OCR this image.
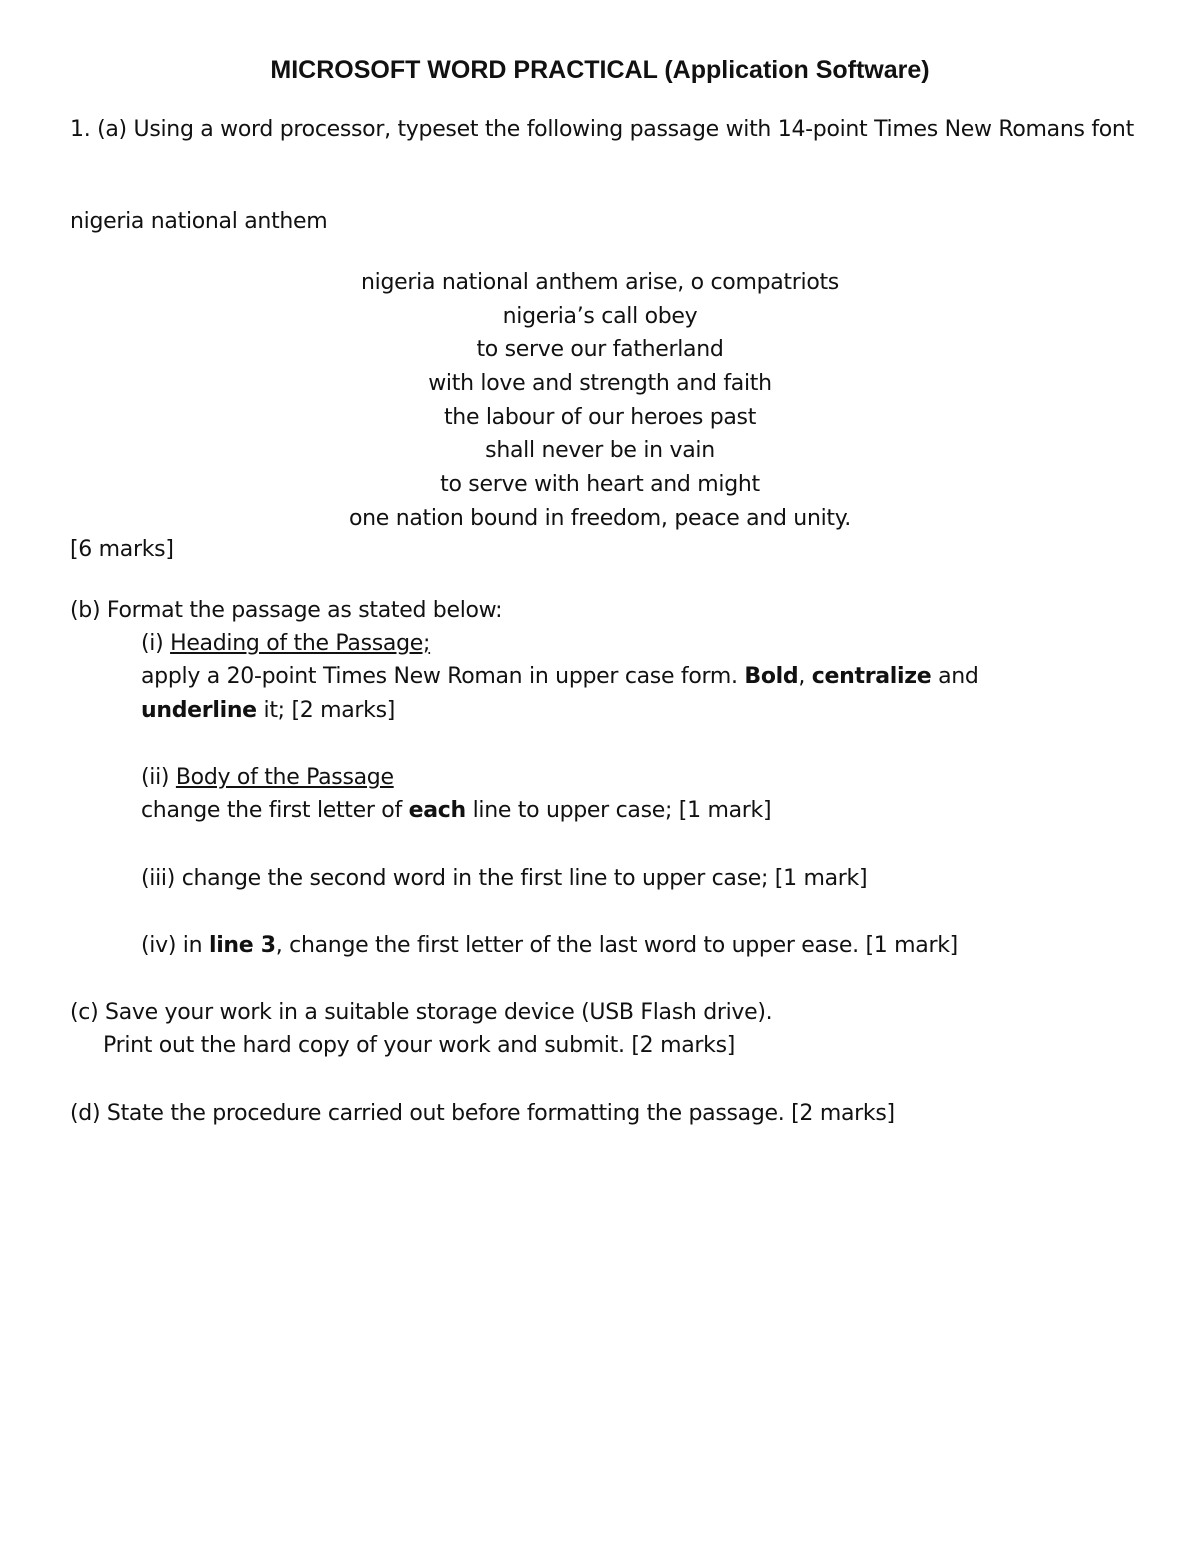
MICROSOFT WORD PRACTICAL (Application Software)
1. (a) Using a word processor, typeset the following passage with 14-point Times New Romans font
nigeria national anthem
nigeria national anthem arise, o compatriots
nigeria’s call obey
to serve our fatherland
with love and strength and faith
the labour of our heroes past
shall never be in vain
to serve with heart and might
one nation bound in freedom, peace and unity.
[6 marks]
(b) Format the passage as stated below:
(i) Heading of the Passage;
apply a 20-point Times New Roman in upper case form. Bold, centralize and
underline it; [2 marks]
(ii) Body of the Passage
change the first letter of each line to upper case; [1 mark]
(iii) change the second word in the first line to upper case; [1 mark]
(iv) in line 3, change the first letter of the last word to upper ease. [1 mark]
(c) Save your work in a suitable storage device (USB Flash drive).
Print out the hard copy of your work and submit. [2 marks]
(d) State the procedure carried out before formatting the passage. [2 marks]
